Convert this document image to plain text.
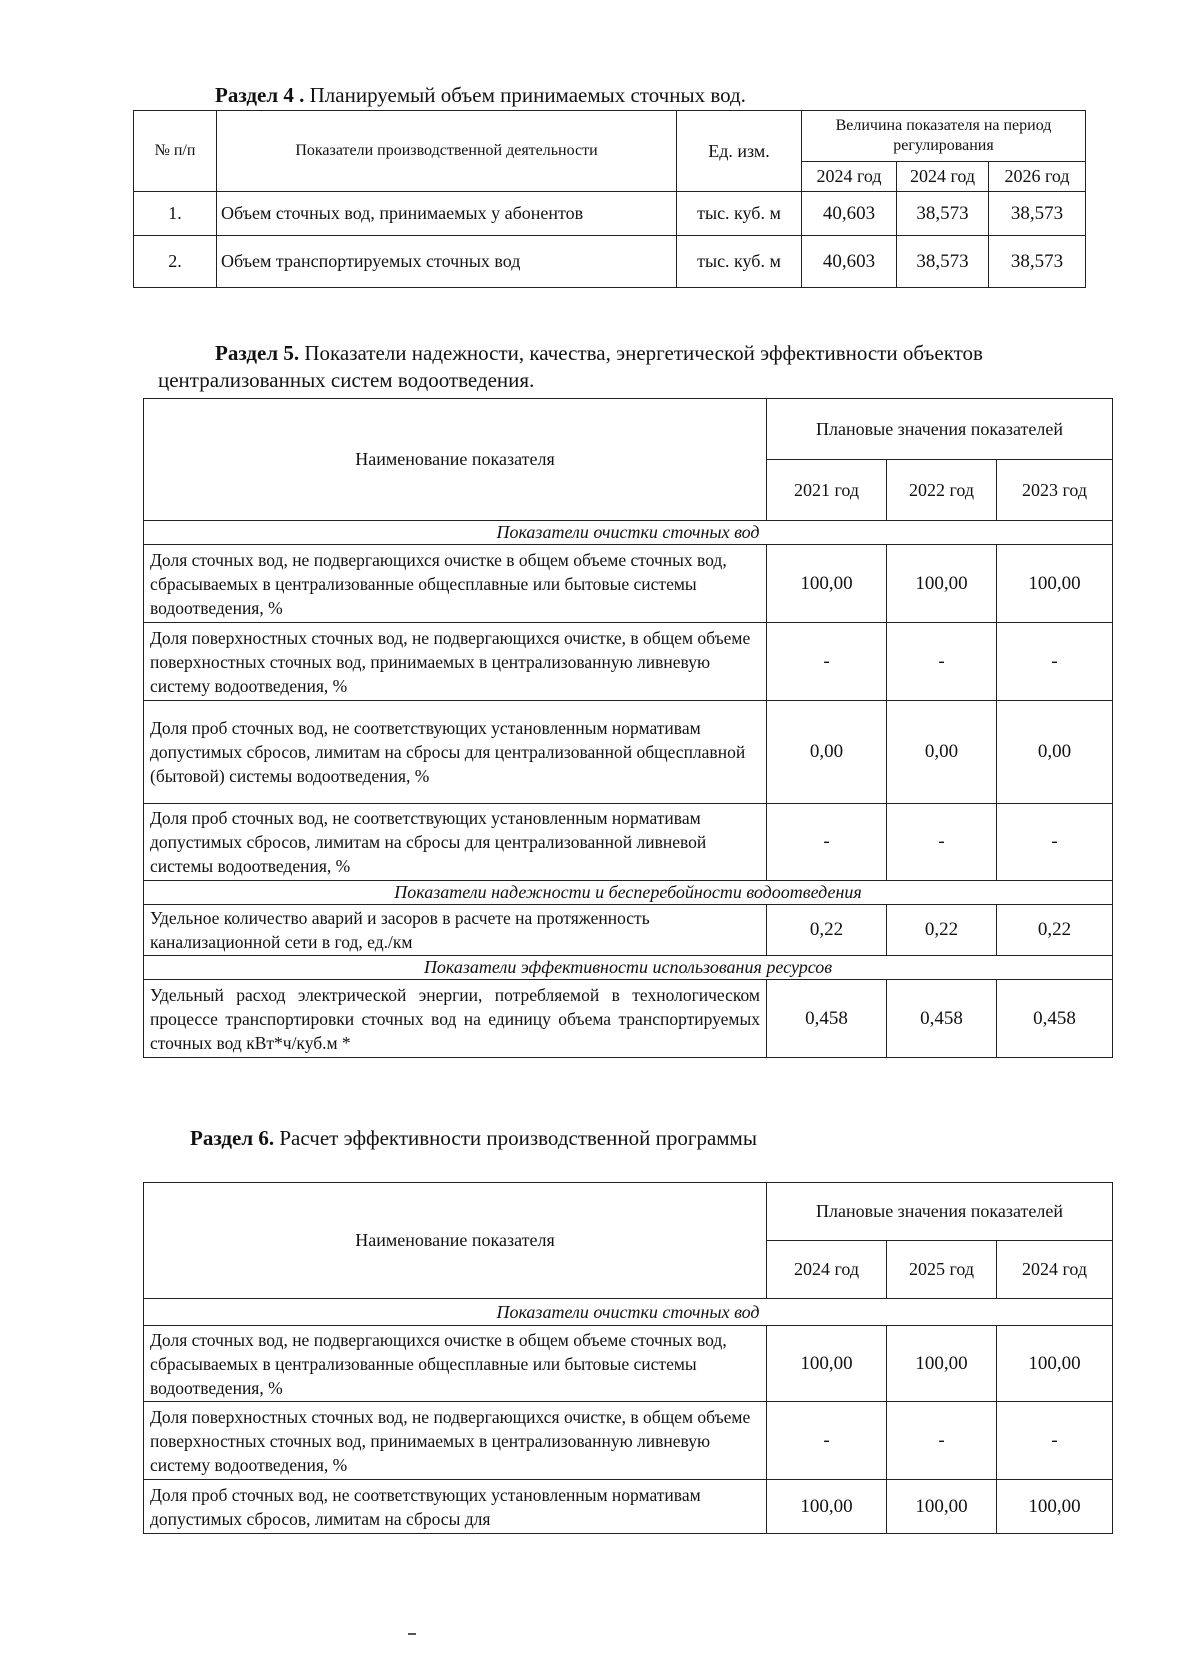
Раздел 4 . Планируемый объем принимаемых сточных вод.
№ п/п	Показатели производственной деятельности	Ед. изм.	Величина показателя на период регулирования		
			2024 год	2024 год	2026 год
1.	Объем сточных вод, принимаемых у абонентов	тыс. куб. м	40,603	38,573	38,573
2.	Объем транспортируемых сточных вод	тыс. куб. м	40,603	38,573	38,573
Раздел 5. Показатели надежности, качества, энергетической эффективности объектов
централизованных систем водоотведения.
Наименование показателя	Плановые значения показателей		
	2021 год	2022 год	2023 год
Показатели очистки сточных вод			
Доля сточных вод, не подвергающихся очистке в общем объеме сточных вод, сбрасываемых в централизованные общесплавные или бытовые системы водоотведения, %	100,00	100,00	100,00
Доля поверхностных сточных вод, не подвергающихся очистке, в общем объеме поверхностных сточных вод, принимаемых в централизованную ливневую систему водоотведения, %	-	-	-
Доля проб сточных вод, не соответствующих установленным нормативам допустимых сбросов, лимитам на сбросы для централизованной общесплавной (бытовой) системы водоотведения, %	0,00	0,00	0,00
Доля проб сточных вод, не соответствующих установленным нормативам допустимых сбросов, лимитам на сбросы для централизованной ливневой системы водоотведения, %	-	-	-
Показатели надежности и бесперебойности водоотведения			
Удельное количество аварий и засоров в расчете на протяженность канализационной сети в год, ед./км	0,22	0,22	0,22
Показатели эффективности использования ресурсов			
Удельный расход электрической энергии, потребляемой в технологическом процессе транспортировки сточных вод на единицу объема транспортируемых сточных вод кВт*ч/куб.м *	0,458	0,458	0,458
Раздел 6. Расчет эффективности производственной программы
Наименование показателя	Плановые значения показателей		
	2024 год	2025 год	2024 год
Показатели очистки сточных вод			
Доля сточных вод, не подвергающихся очистке в общем объеме сточных вод, сбрасываемых в централизованные общесплавные или бытовые системы водоотведения, %	100,00	100,00	100,00
Доля поверхностных сточных вод, не подвергающихся очистке, в общем объеме поверхностных сточных вод, принимаемых в централизованную ливневую систему водоотведения, %	-	-	-
Доля проб сточных вод, не соответствующих установленным нормативам допустимых сбросов, лимитам на сбросы для	100,00	100,00	100,00
